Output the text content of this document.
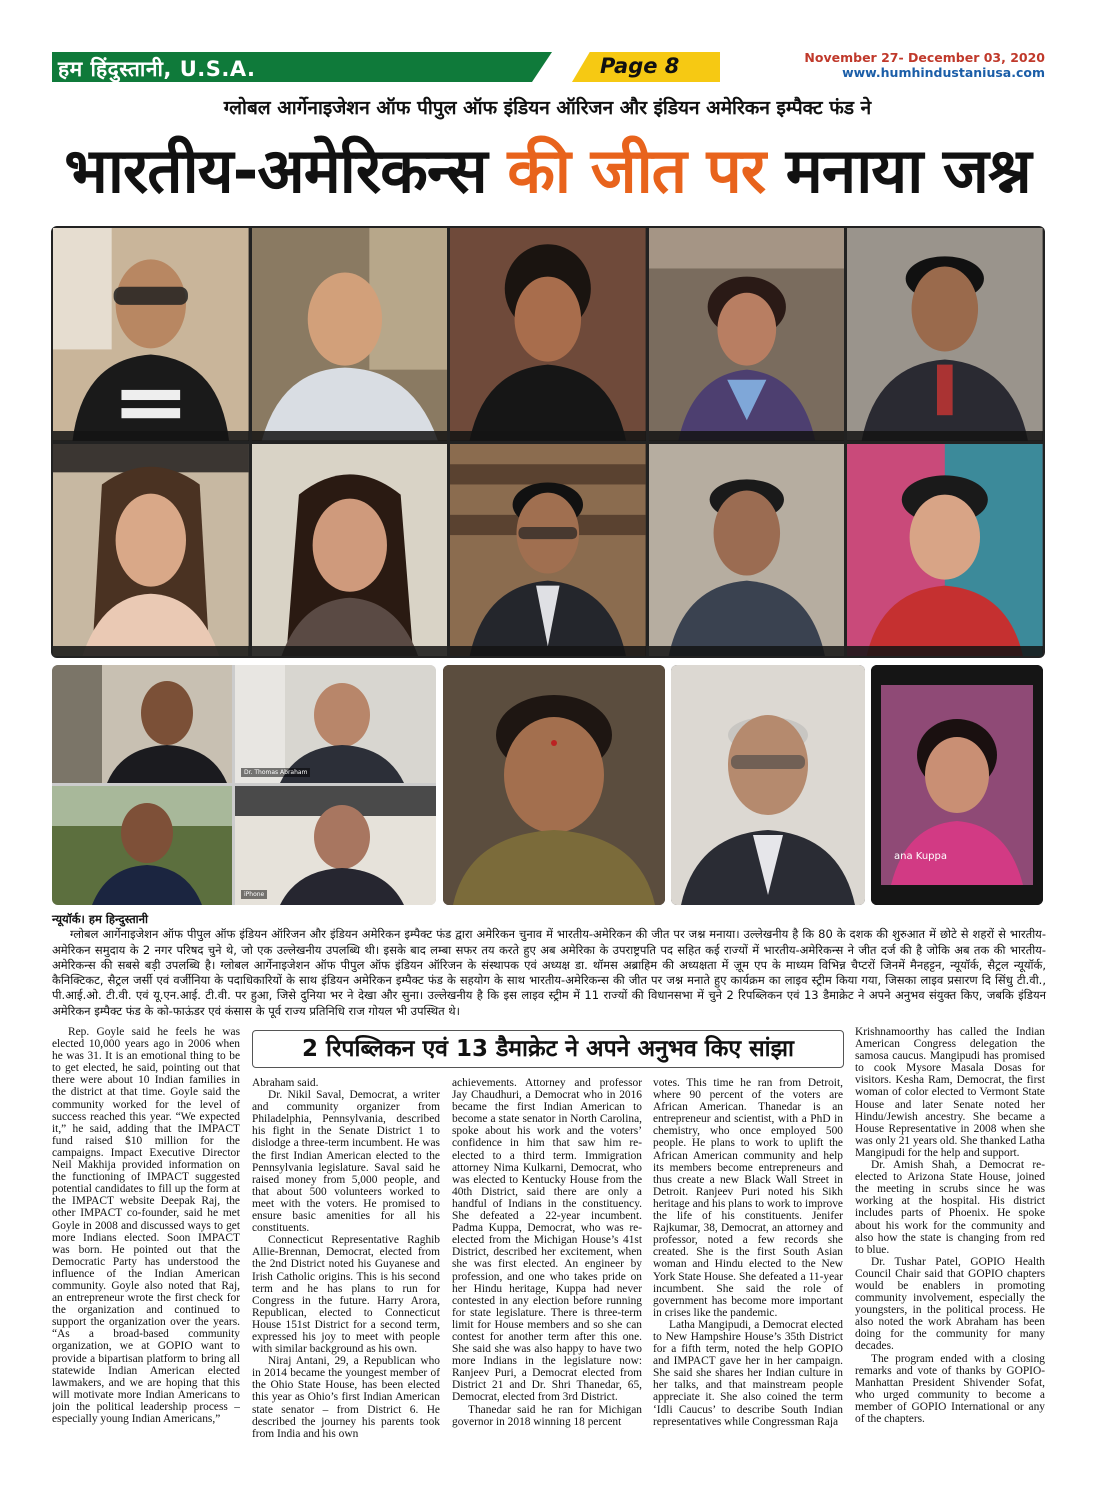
हम हिंदुस्तानी, U.S.A.	Page 8	November 27- December 03, 2020
www.humhindustaniusa.com
ग्लोबल आर्गेनाइजेशन ऑफ पीपुल ऑफ इंडियन ऑरिजन और इंडियन अमेरिकन इम्पैक्ट फंड ने
भारतीय-अमेरिकन्स की जीत पर मनाया जश्न
Dr. Thomas Abraham
iPhone
ana Kuppa
न्यूयॉर्क। हम हिन्दुस्तानी

ग्लोबल आर्गेनाइजेशन ऑफ पीपुल ऑफ इंडियन ऑरिजन और इंडियन अमेरिकन इम्पैक्ट फंड द्वारा अमेरिकन चुनाव में भारतीय-अमेरिकन की जीत पर जश्न मनाया। उल्लेखनीय है कि 80 के दशक की शुरुआत में छोटे से शहरों से भारतीय-अमेरिकन समुदाय के 2 नगर परिषद चुने थे, जो एक उल्लेखनीय उपलब्धि थी। इसके बाद लम्बा सफर तय करते हुए अब अमेरिका के उपराष्ट्रपति पद सहित कई राज्यों में भारतीय-अमेरिकन्स ने जीत दर्ज की है जोकि अब तक की भारतीय-अमेरिकन्स की सबसे बड़ी उपलब्धि है। ग्लोबल आर्गेनाइजेशन ऑफ पीपुल ऑफ इंडियन ऑरिजन के संस्थापक एवं अध्यक्ष डा. थॉमस अब्राहिम की अध्यक्षता में ज़ूम एप के माध्यम विभिन्न चैप्टरों जिनमें मैनहट्टन, न्यूयॉर्क, सैट्रल न्यूयॉर्क, कैनिक्टिकट, सैट्रल जर्सी एवं वर्जीनिया के पदाधिकारियों के साथ इंडियन अमेरिकन इम्पैक्ट फंड के सहयोग के साथ भारतीय-अमेरिकन्स की जीत पर जश्न मनाते हुए कार्यक्रम का लाइव स्ट्रीम किया गया, जिसका लाइव प्रसारण दि सिंधु टी.वी., पी.आई.ओ. टी.वी. एवं यू.एन.आई. टी.वी. पर हुआ, जिसे दुनिया भर ने देखा और सुना। उल्लेखनीय है कि इस लाइव स्ट्रीम में 11 राज्यों की विधानसभा में चुने 2 रिपब्लिकन एवं 13 डैमाक्रेट ने अपने अनुभव संयुक्त किए, जबकि इंडियन अमेरिकन इम्पैक्ट फंड के को-फाऊंडर एवं कंसास के पूर्व राज्य प्रतिनिधि राज गोयल भी उपस्थित थे।

2 रिपब्लिकन एवं 13 डैमाक्रेट ने अपने अनुभव किए सांझा

Rep. Goyle said he feels he was elected 10,000 years ago in 2006 when he was 31. It is an emotional thing to be to get elected, he said, pointing out that there were about 10 Indian families in the district at that time. Goyle said the community worked for the level of success reached this year. “We expected it,” he said, adding that the IMPACT fund raised $10 million for the campaigns. Impact Executive Director Neil Makhija provided information on the functioning of IMPACT suggested potential candidates to fill up the form at the IMPACT website Deepak Raj, the other IMPACT co-founder, said he met Goyle in 2008 and discussed ways to get more Indians elected. Soon IMPACT was born. He pointed out that the Democratic Party has understood the influence of the Indian American community. Goyle also noted that Raj, an entrepreneur wrote the first check for the organization and continued to support the organization over the years. “As a broad-based community organization, we at GOPIO want to provide a bipartisan platform to bring all statewide Indian American elected lawmakers, and we are hoping that this will motivate more Indian Americans to join the political leadership process – especially young Indian Americans,”

Abraham said.

Dr. Nikil Saval, Democrat, a writer and community organizer from Philadelphia, Pennsylvania, described his fight in the Senate District 1 to dislodge a three-term incumbent. He was the first Indian American elected to the Pennsylvania legislature. Saval said he raised money from 5,000 people, and that about 500 volunteers worked to meet with the voters. He promised to ensure basic amenities for all his constituents.

Connecticut Representative Raghib Allie-Brennan, Democrat, elected from the 2nd District noted his Guyanese and Irish Catholic origins. This is his second term and he has plans to run for Congress in the future. Harry Arora, Republican, elected to Connecticut House 151st District for a second term, expressed his joy to meet with people with similar background as his own.

Niraj Antani, 29, a Republican who in 2014 became the youngest member of the Ohio State House, has been elected this year as Ohio’s first Indian American state senator – from District 6. He described the journey his parents took from India and his own

achievements. Attorney and professor Jay Chaudhuri, a Democrat who in 2016 became the first Indian American to become a state senator in North Carolina, spoke about his work and the voters’ confidence in him that saw him re-elected to a third term. Immigration attorney Nima Kulkarni, Democrat, who was elected to Kentucky House from the 40th District, said there are only a handful of Indians in the constituency. She defeated a 22-year incumbent. Padma Kuppa, Democrat, who was re-elected from the Michigan House’s 41st District, described her excitement, when she was first elected. An engineer by profession, and one who takes pride on her Hindu heritage, Kuppa had never contested in any election before running for state legislature. There is three-term limit for House members and so she can contest for another term after this one. She said she was also happy to have two more Indians in the legislature now: Ranjeev Puri, a Democrat elected from District 21 and Dr. Shri Thanedar, 65, Democrat, elected from 3rd District.

Thanedar said he ran for Michigan governor in 2018 winning 18 percent

votes. This time he ran from Detroit, where 90 percent of the voters are African American. Thanedar is an entrepreneur and scientist, with a PhD in chemistry, who once employed 500 people. He plans to work to uplift the African American community and help its members become entrepreneurs and thus create a new Black Wall Street in Detroit. Ranjeev Puri noted his Sikh heritage and his plans to work to improve the life of his constituents. Jenifer Rajkumar, 38, Democrat, an attorney and professor, noted a few records she created. She is the first South Asian woman and Hindu elected to the New York State House. She defeated a 11-year incumbent. She said the role of government has become more important in crises like the pandemic.

Latha Mangipudi, a Democrat elected to New Hampshire House’s 35th District for a fifth term, noted the help GOPIO and IMPACT gave her in her campaign. She said she shares her Indian culture in her talks, and that mainstream people appreciate it. She also coined the term ‘Idli Caucus’ to describe South Indian representatives while Congressman Raja

Krishnamoorthy has called the Indian American Congress delegation the samosa caucus. Mangipudi has promised to cook Mysore Masala Dosas for visitors. Kesha Ram, Democrat, the first woman of color elected to Vermont State House and later Senate noted her Hindu/Jewish ancestry. She became a House Representative in 2008 when she was only 21 years old. She thanked Latha Mangipudi for the help and support.

Dr. Amish Shah, a Democrat re-elected to Arizona State House, joined the meeting in scrubs since he was working at the hospital. His district includes parts of Phoenix. He spoke about his work for the community and also how the state is changing from red to blue.

Dr. Tushar Patel, GOPIO Health Council Chair said that GOPIO chapters would be enablers in promoting community involvement, especially the youngsters, in the political process. He also noted the work Abraham has been doing for the community for many decades.

The program ended with a closing remarks and vote of thanks by GOPIO-Manhattan President Shivender Sofat, who urged community to become a member of GOPIO International or any of the chapters.
